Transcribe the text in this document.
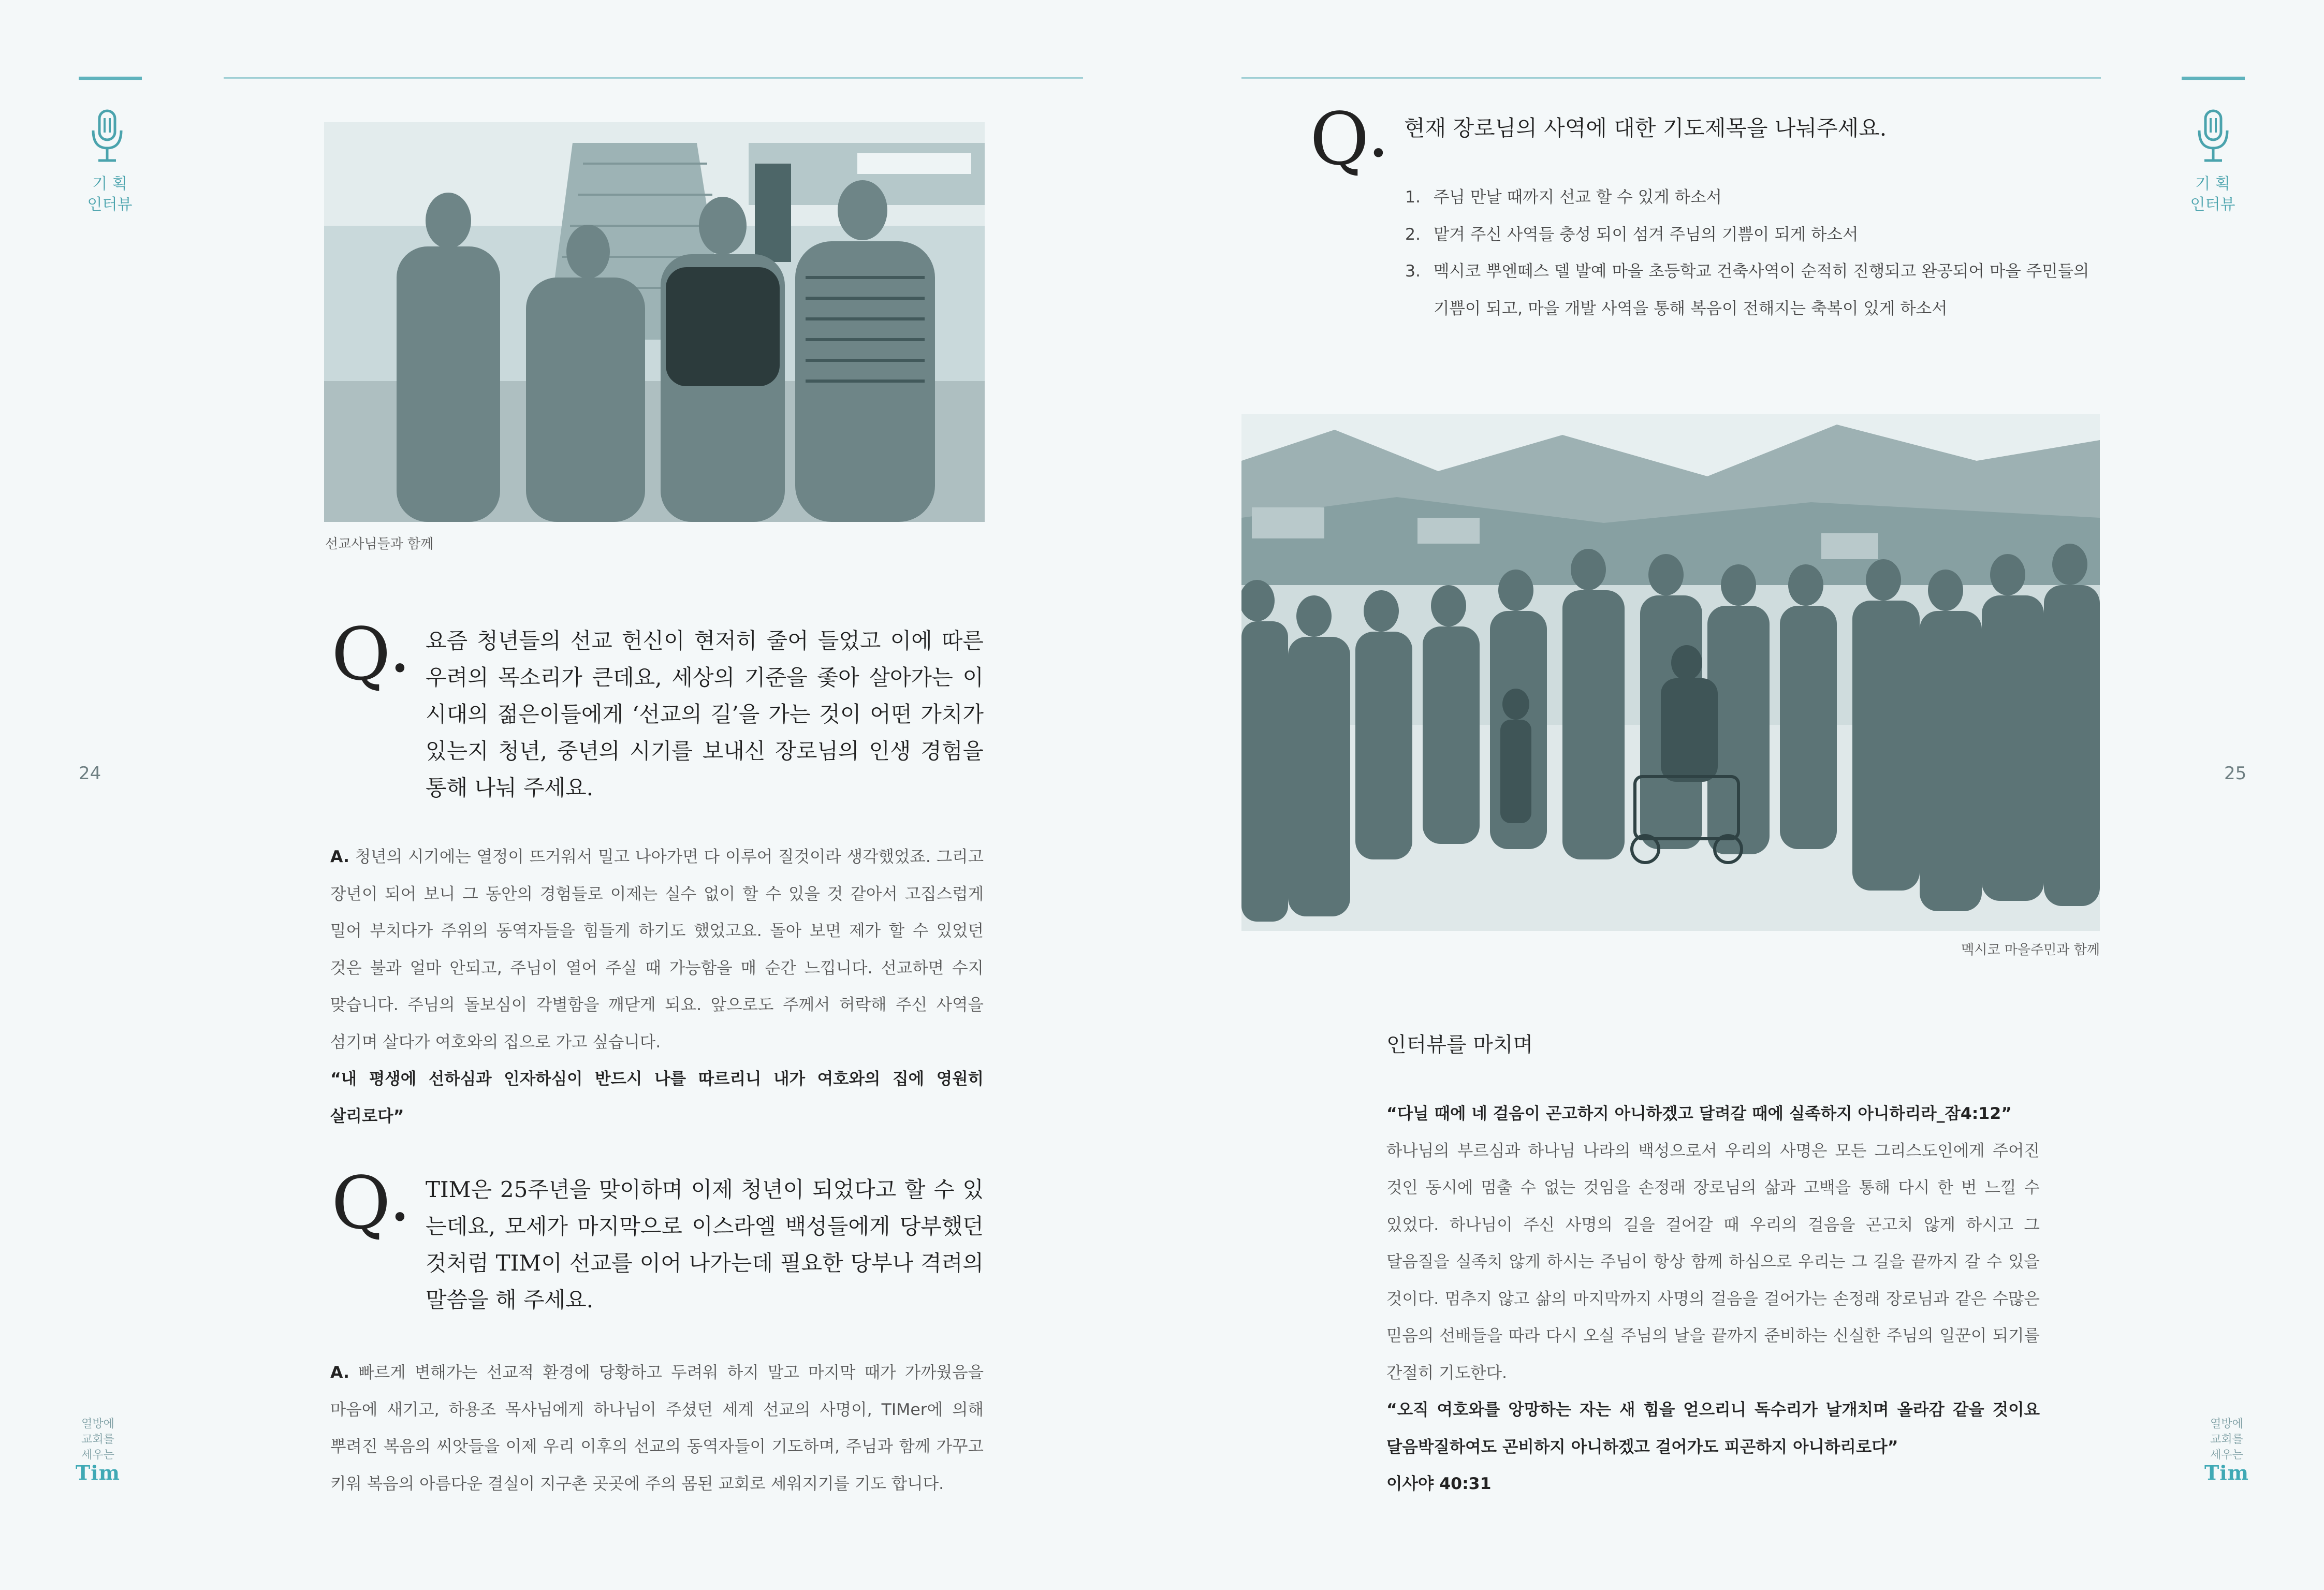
기 획
인터뷰
24
열방에
교회를
세우는
Tim
선교사님들과 함께
Q•
요즘 청년들의 선교 헌신이 현저히 줄어 들었고 이에 따른 우려의 목소리가 큰데요, 세상의 기준을 좇아 살아가는 이 시대의 젊은이들에게 ‘선교의 길’을 가는 것이 어떤 가치가 있는지 청년, 중년의 시기를 보내신 장로님의 인생 경험을 통해 나눠 주세요.
A. 청년의 시기에는 열정이 뜨거워서 밀고 나아가면 다 이루어 질것이라 생각했었죠. 그리고 장년이 되어 보니 그 동안의 경험들로 이제는 실수 없이 할 수 있을 것 같아서 고집스럽게 밀어 부치다가 주위의 동역자들을 힘들게 하기도 했었고요. 돌아 보면 제가 할 수 있었던 것은 불과 얼마 안되고, 주님이 열어 주실 때 가능함을 매 순간 느낍니다. 선교하면 수지 맞습니다. 주님의 돌보심이 각별함을 깨닫게 되요. 앞으로도 주께서 허락해 주신 사역을 섬기며 살다가 여호와의 집으로 가고 싶습니다.
“내 평생에 선하심과 인자하심이 반드시 나를 따르리니 내가 여호와의 집에 영원히 살리로다”
Q•
TIM은 25주년을 맞이하며 이제 청년이 되었다고 할 수 있는데요, 모세가 마지막으로 이스라엘 백성들에게 당부했던 것처럼 TIM이 선교를 이어 나가는데 필요한 당부나 격려의 말씀을 해 주세요.
A. 빠르게 변해가는 선교적 환경에 당황하고 두려워 하지 말고 마지막 때가 가까웠음을 마음에 새기고, 하용조 목사님에게 하나님이 주셨던 세계 선교의 사명이, TIMer에 의해 뿌려진 복음의 씨앗들을 이제 우리 이후의 선교의 동역자들이 기도하며, 주님과 함께 가꾸고 키워 복음의 아름다운 결실이 지구촌 곳곳에 주의 몸된 교회로 세워지기를 기도 합니다.
기 획
인터뷰
25
열방에
교회를
세우는
Tim
Q•
현재 장로님의 사역에 대한 기도제목을 나눠주세요.
1. 주님 만날 때까지 선교 할 수 있게 하소서
2. 맡겨 주신 사역들 충성 되이 섬겨 주님의 기쁨이 되게 하소서
3. 멕시코 뿌엔떼스 델 발예 마을 초등학교 건축사역이 순적히 진행되고 완공되어 마을 주민들의 기쁨이 되고, 마을 개발 사역을 통해 복음이 전해지는 축복이 있게 하소서
멕시코 마을주민과 함께
인터뷰를 마치며
“다닐 때에 네 걸음이 곤고하지 아니하겠고 달려갈 때에 실족하지 아니하리라_잠4:12”
하나님의 부르심과 하나님 나라의 백성으로서 우리의 사명은 모든 그리스도인에게 주어진 것인 동시에 멈출 수 없는 것임을 손정래 장로님의 삶과 고백을 통해 다시 한 번 느낄 수 있었다. 하나님이 주신 사명의 길을 걸어갈 때 우리의 걸음을 곤고치 않게 하시고 그 달음질을 실족치 않게 하시는 주님이 항상 함께 하심으로 우리는 그 길을 끝까지 갈 수 있을 것이다. 멈추지 않고 삶의 마지막까지 사명의 걸음을 걸어가는 손정래 장로님과 같은 수많은 믿음의 선배들을 따라 다시 오실 주님의 날을 끝까지 준비하는 신실한 주님의 일꾼이 되기를 간절히 기도한다.
“오직 여호와를 앙망하는 자는 새 힘을 얻으리니 독수리가 날개치며 올라감 같을 것이요 달음박질하여도 곤비하지 아니하겠고 걸어가도 피곤하지 아니하리로다”
이사야 40:31
